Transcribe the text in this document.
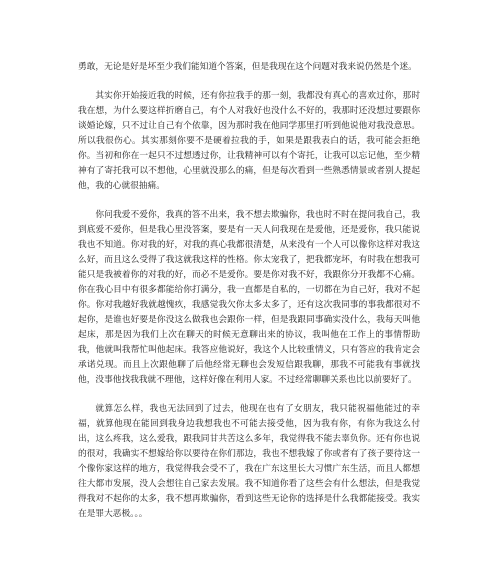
勇敢，无论是好是坏至少我们能知道个答案，但是我现在这个问题对我来说仍然是个迷。

其实你开始接近我的时候，还有你拉我手的那一刻，我都没有真心的喜欢过你，那时我在想，为什么要这样折磨自己，有个人对我好也没什么不好的，我那时还没想过要跟你谈婚论嫁，只不过让自己有个依靠，因为那时我在他同学那里打听到他说他对我没意思。所以我很伤心。其实那刻你要不是硬着拉我的手，如果是跟我表白的话，我可能会拒绝你。当初和你在一起只不过想透过你，让我精神可以有个寄托，让我可以忘记他，至少精神有了寄托我可以不想他，心里就没那么的痛，但是每次看到一些熟悉情景或者别人提起他，我的心就很抽痛。

你问我爱不爱你，我真的答不出来，我不想去欺骗你，我也时不时在提问我自己，我到底爱不爱你，但是我心里没答案，要是有一天人问我现在是爱他，还是爱你，我只能说我也不知道。你对我的好，对我的真心我都很清楚，从来没有一个人可以像你这样对我这么好，而且这么受得了我这就我这样的性格。你太宠我了，把我都宠坏，有时我在想我可能只是我被着你的对我的好，而必不是爱你。要是你对我不好，我跟你分开我都不心痛。你在我心目中有很多都能给你打满分，我一直都是自私的，一切都在为自己好，我对不起你。你对我越好我就越愧疚，我感觉我欠你太多太多了，还有这次我同事的事我都很对不起你，是谁也好要是你没这么做我也会跟你一样，但是我跟同事确实没什么，我每天叫他起床，那是因为我们上次在聊天的时候无意聊出来的协议，我叫他在工作上的事情帮助我，他就叫我帮忙叫他起床。我答应他说好，我这个人比较重情义，只有答应的我肯定会承诺兑现。而且上次跟他聊了后他经常无聊也会发短信跟我聊，那我不可能我有事就找他，没事他找我我就不理他，这样好像在利用人家。不过经常聊聊关系也比以前要好了。

就算怎么样，我也无法回到了过去，他现在也有了女朋友，我只能祝福他能过的幸福，就算他现在能回到我身边我想我也不可能去接受他，因为我有你，有你为我这么付出，这么疼我，这么爱我，跟我同甘共苦这么多年，我觉得我不能去辜负你。还有你也说的很对，我确实不想嫁给你以要待在你们那边，我也不想我嫁了你或者有了孩子要待这一个像你家这样的地方，我觉得我会受不了，我在广东这里长大习惯广东生活，而且人都想往大都市发展，没人会想往自己家去发展。我不知道你看了这些会有什么想法，但是我觉得我对不起你的太多，我不想再欺骗你，看到这些无论你的选择是什么我都能接受。我实在是罪大恶极。。。
